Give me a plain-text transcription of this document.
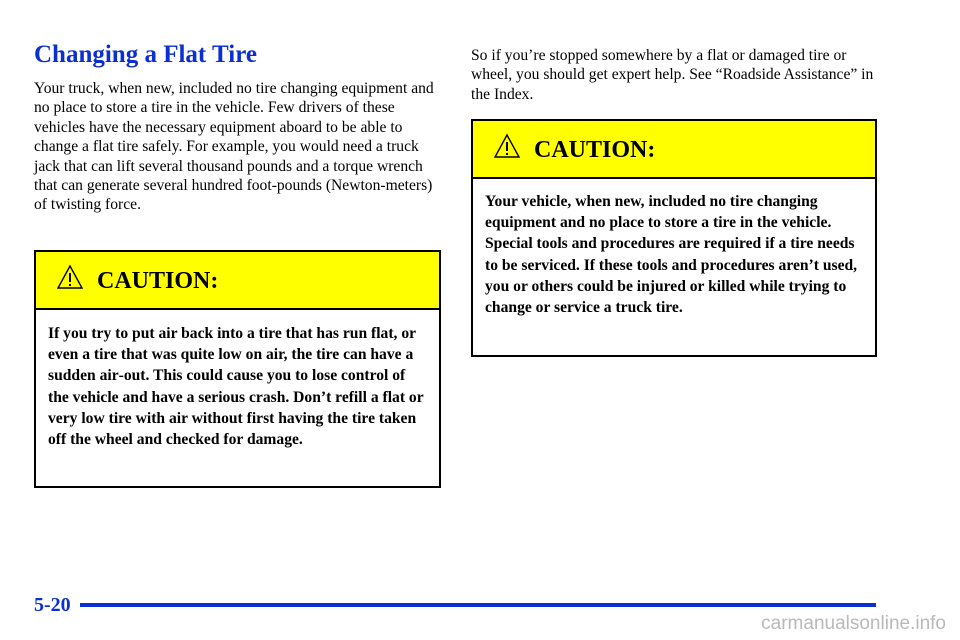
Changing a Flat Tire

Your truck, when new, included no tire changing equipment and no place to store a tire in the vehicle. Few drivers of these vehicles have the necessary equipment aboard to be able to change a flat tire safely. For example, you would need a truck jack that can lift several thousand pounds and a torque wrench that can generate several hundred foot‑pounds (Newton‑meters) of twisting force.

CAUTION:

If you try to put air back into a tire that has run flat, or even a tire that was quite low on air, the tire can have a sudden air‑out. This could cause you to lose control of the vehicle and have a serious crash. Don’t refill a flat or very low tire with air without first having the tire taken off the wheel and checked for damage.

So if you’re stopped somewhere by a flat or damaged tire or wheel, you should get expert help. See “Roadside Assistance” in the Index.

CAUTION:

Your vehicle, when new, included no tire changing equipment and no place to store a tire in the vehicle. Special tools and procedures are required if a tire needs to be serviced. If these tools and procedures aren’t used, you or others could be injured or killed while trying to change or service a truck tire.

5-20
carmanualsonline.info
